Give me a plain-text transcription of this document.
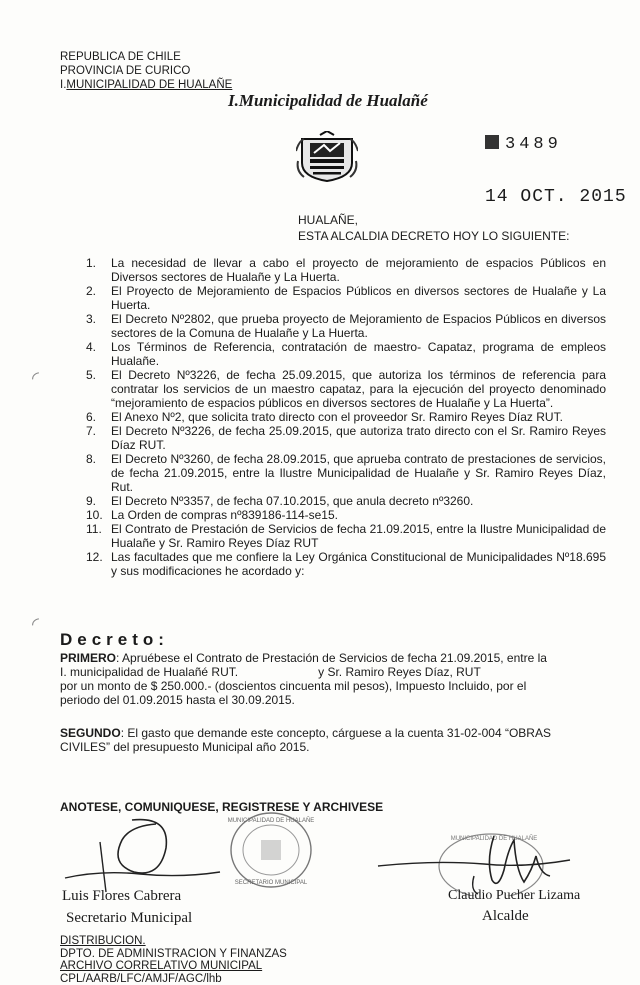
REPUBLICA DE CHILE
PROVINCIA DE CURICO
I.MUNICIPALIDAD DE HUALAÑE
I.Municipalidad de Hualañé
3489
14 OCT. 2015
HUALAÑE,
ESTA ALCALDIA DECRETO HOY LO SIGUIENTE:
1. La necesidad de llevar a cabo el proyecto de mejoramiento de espacios Públicos en Diversos sectores de Hualañe y La Huerta.
2. El Proyecto de Mejoramiento de Espacios Públicos en diversos sectores de Hualañe y La Huerta.
3. El Decreto Nº2802, que prueba proyecto de Mejoramiento de Espacios Públicos en diversos sectores de la Comuna de Hualañe y La Huerta.
4. Los Términos de Referencia, contratación de maestro- Capataz, programa de empleos Hualañe.
5. El Decreto Nº3226, de fecha 25.09.2015, que autoriza los términos de referencia para contratar los servicios de un maestro capataz, para la ejecución del proyecto denominado “mejoramiento de espacios públicos en diversos sectores de Hualañe y La Huerta”.
6. El Anexo Nº2, que solicita trato directo con el proveedor Sr. Ramiro Reyes Díaz RUT.
7. El Decreto Nº3226, de fecha 25.09.2015, que autoriza trato directo con el Sr. Ramiro Reyes Díaz RUT.
8. El Decreto Nº3260, de fecha 28.09.2015, que aprueba contrato de prestaciones de servicios, de fecha 21.09.2015, entre la Ilustre Municipalidad de Hualañe y Sr. Ramiro Reyes Díaz, Rut.
9. El Decreto Nº3357, de fecha 07.10.2015, que anula decreto nº3260.
10. La Orden de compras nº839186-114-se15.
11. El Contrato de Prestación de Servicios de fecha 21.09.2015, entre la Ilustre Municipalidad de Hualañe y Sr. Ramiro Reyes Díaz RUT
12. Las facultades que me confiere la Ley Orgánica Constitucional de Municipalidades Nº18.695 y sus modificaciones he acordado y:
◜
◜
Decreto:
PRIMERO: Apruébese el Contrato de Prestación de Servicios de fecha 21.09.2015, entre la
I. municipalidad de Hualañé RUT.	y Sr. Ramiro Reyes Díaz, RUT
por un monto de $ 250.000.- (doscientos cincuenta mil pesos), Impuesto Incluido, por el
periodo del 01.09.2015 hasta el 30.09.2015.
SEGUNDO: El gasto que demande este concepto, cárguese a la cuenta 31-02-004 “OBRAS
CIVILES” del presupuesto Municipal año 2015.
ANOTESE, COMUNIQUESE, REGISTRESE Y ARCHIVESE
MUNICIPALIDAD DE HUALAÑE
SECRETARIO MUNICIPAL
MUNICIPALIDAD DE HUALAÑE
Luis Flores Cabrera
Secretario Municipal
Claudio Pucher Lizama
Alcalde
DISTRIBUCION.
DPTO. DE ADMINISTRACION Y FINANZAS
ARCHIVO CORRELATIVO MUNICIPAL
CPL/AARB/LFC/AMJF/AGC/lhb
